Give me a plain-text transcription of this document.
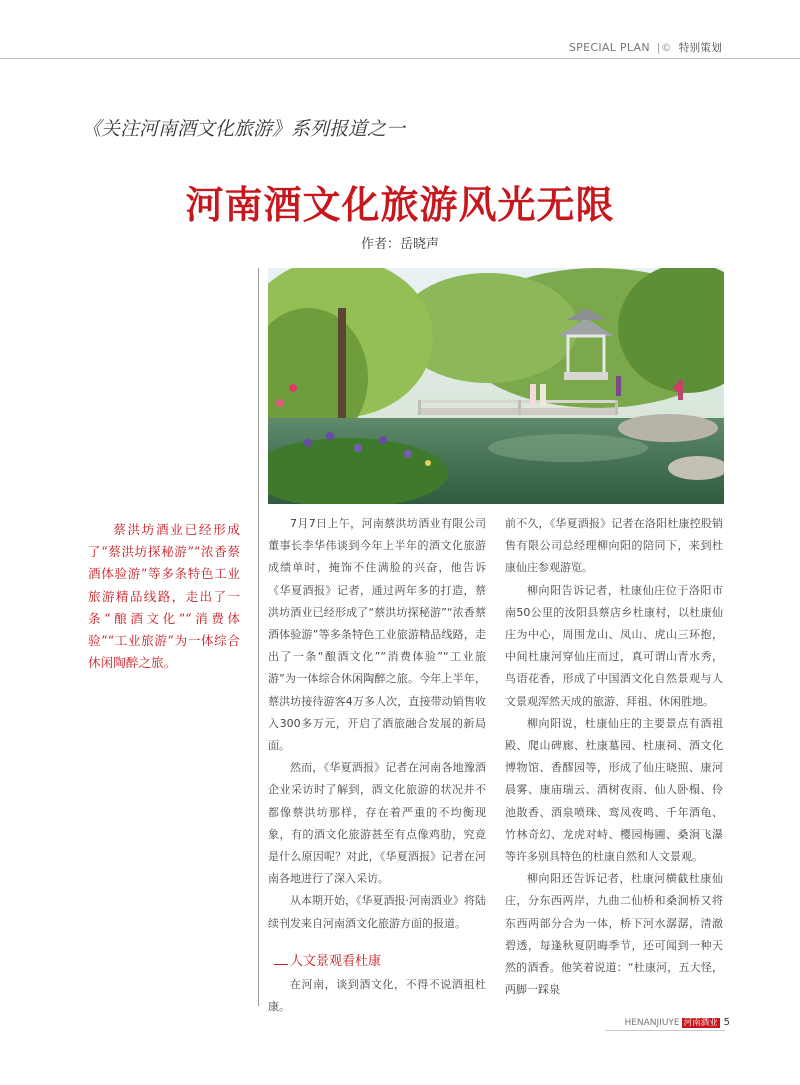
SPECIAL PLAN |© 特别策划
《关注河南酒文化旅游》系列报道之一
河南酒文化旅游风光无限
作者：岳晓声
蔡洪坊酒业已经形成了“蔡洪坊探秘游”“浓香蔡酒体验游”等多条特色工业旅游精品线路，走出了一条“酿酒文化”“消费体验”“工业旅游”为一体综合休闲陶醉之旅。

7月7日上午，河南蔡洪坊酒业有限公司董事长李华伟谈到今年上半年的酒文化旅游成绩单时，掩饰不住满脸的兴奋，他告诉《华夏酒报》记者，通过两年多的打造，蔡洪坊酒业已经形成了“蔡洪坊探秘游”“浓香蔡酒体验游”等多条特色工业旅游精品线路，走出了一条“酿酒文化”“消费体验”“工业旅游”为一体综合休闲陶醉之旅。今年上半年，蔡洪坊接待游客4万多人次，直接带动销售收入300多万元，开启了酒旅融合发展的新局面。

然而，《华夏酒报》记者在河南各地豫酒企业采访时了解到，酒文化旅游的状况并不都像蔡洪坊那样，存在着严重的不均衡现象，有的酒文化旅游甚至有点像鸡肋，究竟是什么原因呢？对此，《华夏酒报》记者在河南各地进行了深入采访。

从本期开始，《华夏酒报·河南酒业》将陆续刊发来自河南酒文化旅游方面的报道。

人文景观看杜康

在河南，谈到酒文化，不得不说酒祖杜康。

前不久，《华夏酒报》记者在洛阳杜康控股销售有限公司总经理柳向阳的陪同下，来到杜康仙庄参观游览。

柳向阳告诉记者，杜康仙庄位于洛阳市南50公里的汝阳县蔡店乡杜康村，以杜康仙庄为中心，周围龙山、凤山、虎山三环抱，中间杜康河穿仙庄而过，真可谓山青水秀，鸟语花香，形成了中国酒文化自然景观与人文景观浑然天成的旅游、拜祖、休闲胜地。

柳向阳说，杜康仙庄的主要景点有酒祖殿、爬山碑廊、杜康墓园、杜康祠、酒文化博物馆、香醪园等，形成了仙庄晓照、康河晨雾、康庙瑞云、酒树夜雨、仙人卧榻、伶池散香、酒泉喷珠、鸾凤夜鸣、千年酒龟、竹林奇幻、龙虎对峙、樱园梅圃、桑涧飞瀑等许多别具特色的杜康自然和人文景观。

柳向阳还告诉记者，杜康河横截杜康仙庄，分东西两岸，九曲二仙桥和桑涧桥又将东西两部分合为一体，桥下河水潺潺，清澈碧透，每逢秋夏阴晦季节，还可闻到一种天然的酒香。他笑着说道：“杜康河，五大怪，两脚一踩泉

HENANJIUYE 河南酒业 5
